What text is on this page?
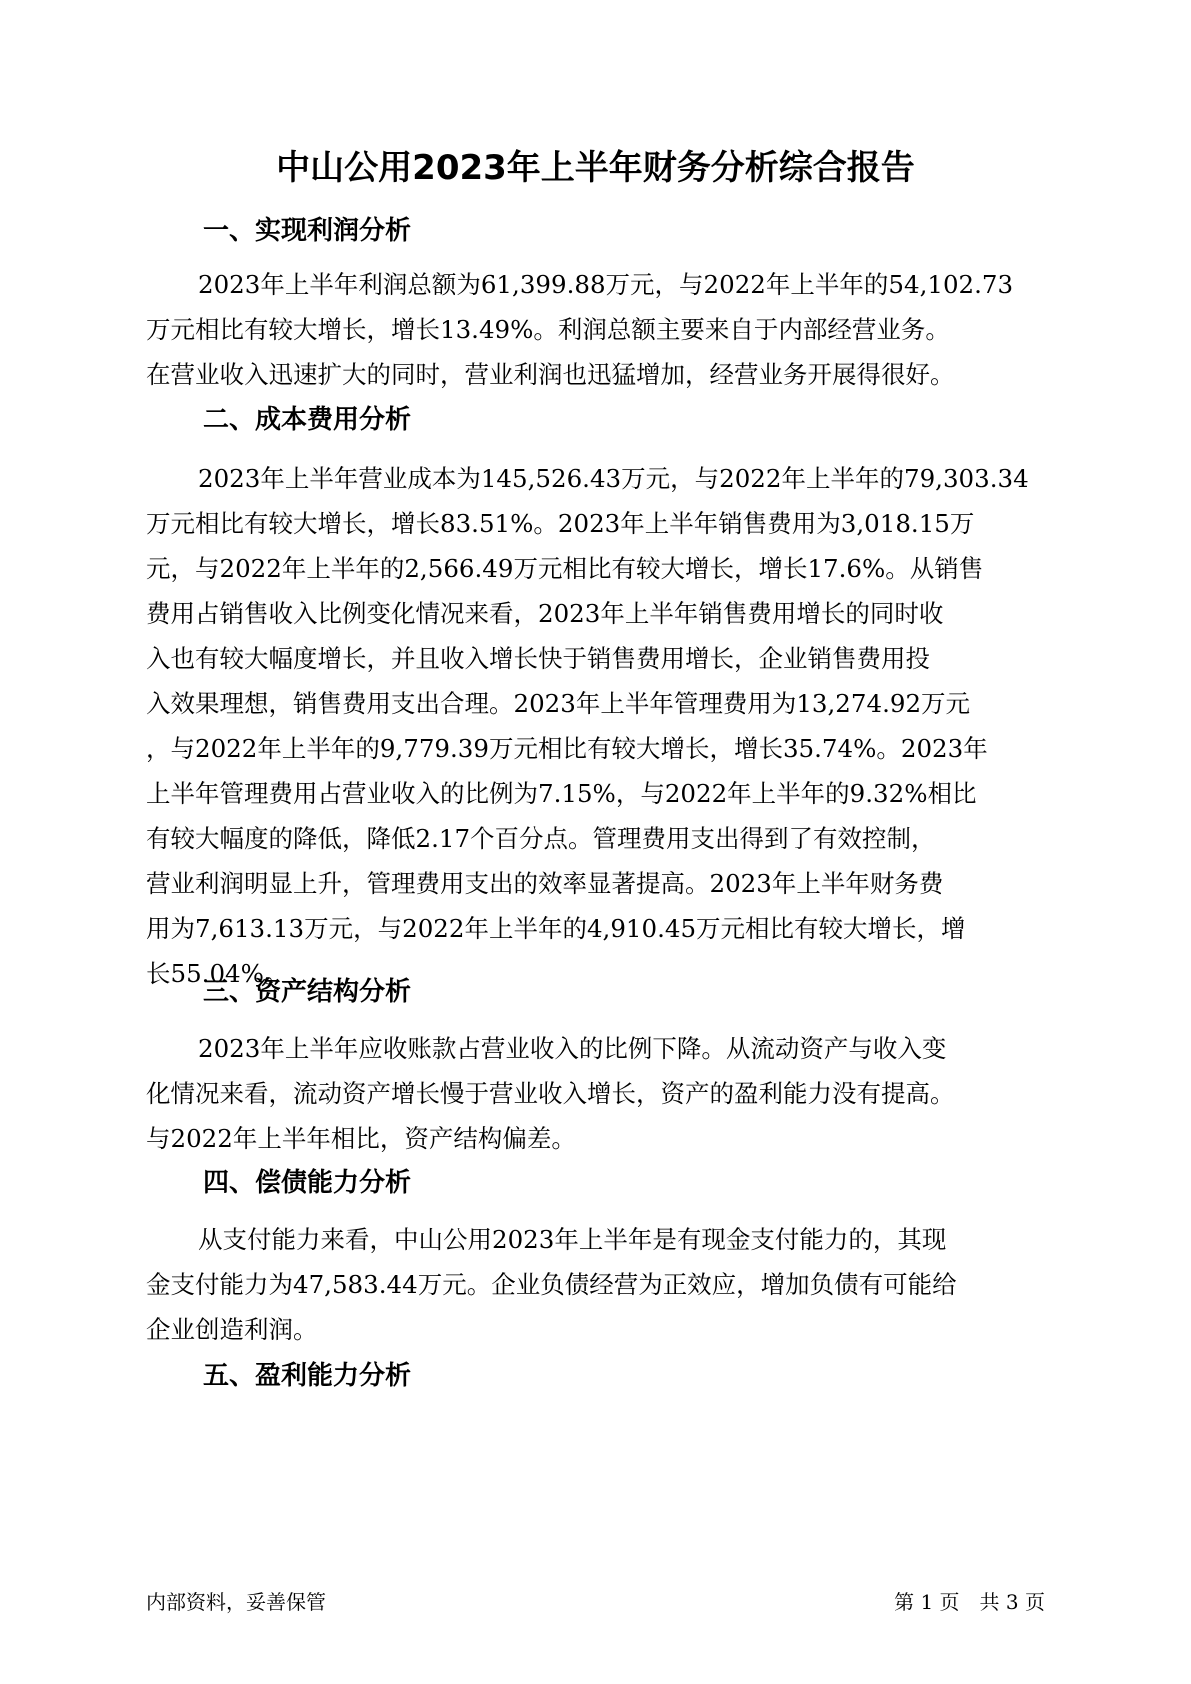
中山公用2023年上半年财务分析综合报告
一、实现利润分析
2023年上半年利润总额为61,399.88万元，与2022年上半年的54,102.73
万元相比有较大增长，增长13.49%。利润总额主要来自于内部经营业务。
在营业收入迅速扩大的同时，营业利润也迅猛增加，经营业务开展得很好。
二、成本费用分析
2023年上半年营业成本为145,526.43万元，与2022年上半年的79,303.34
万元相比有较大增长，增长83.51%。2023年上半年销售费用为3,018.15万
元，与2022年上半年的2,566.49万元相比有较大增长，增长17.6%。从销售
费用占销售收入比例变化情况来看，2023年上半年销售费用增长的同时收
入也有较大幅度增长，并且收入增长快于销售费用增长，企业销售费用投
入效果理想，销售费用支出合理。2023年上半年管理费用为13,274.92万元
，与2022年上半年的9,779.39万元相比有较大增长，增长35.74%。2023年
上半年管理费用占营业收入的比例为7.15%，与2022年上半年的9.32%相比
有较大幅度的降低，降低2.17个百分点。管理费用支出得到了有效控制，
营业利润明显上升，管理费用支出的效率显著提高。2023年上半年财务费
用为7,613.13万元，与2022年上半年的4,910.45万元相比有较大增长，增
长55.04%。
三、资产结构分析
2023年上半年应收账款占营业收入的比例下降。从流动资产与收入变
化情况来看，流动资产增长慢于营业收入增长，资产的盈利能力没有提高。
与2022年上半年相比，资产结构偏差。
四、偿债能力分析
从支付能力来看，中山公用2023年上半年是有现金支付能力的，其现
金支付能力为47,583.44万元。企业负债经营为正效应，增加负债有可能给
企业创造利润。
五、盈利能力分析
内部资料，妥善保管	第 1 页　共 3 页
